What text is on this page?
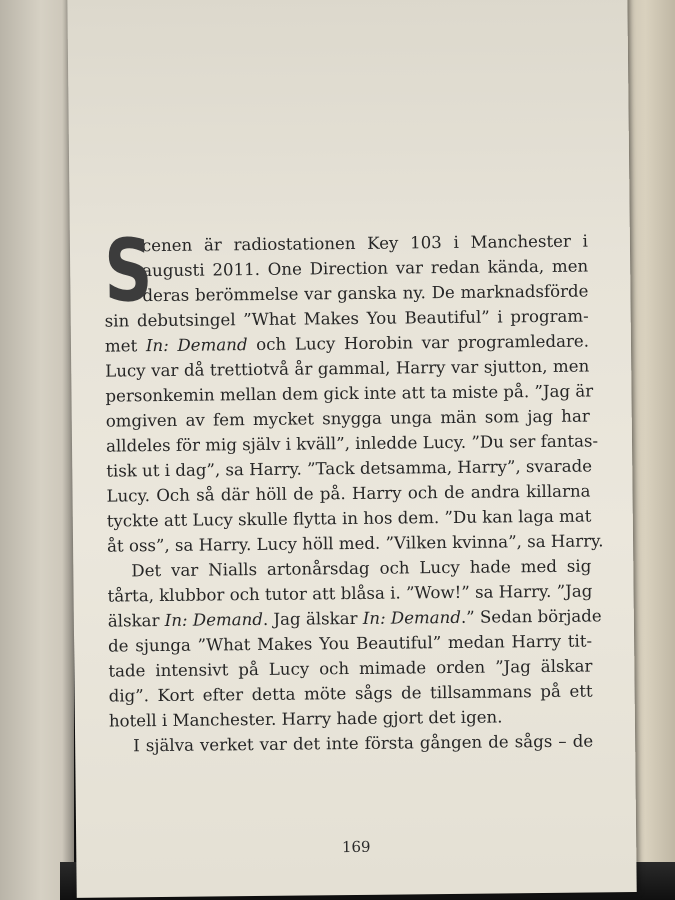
S
cenen är radiostationen Key 103 i Manchester i
augusti 2011. One Direction var redan kända, men
deras berömmelse var ganska ny. De marknadsförde
sin debutsingel ”What Makes You Beautiful” i program-
met In: Demand och Lucy Horobin var programledare.
Lucy var då trettiotvå år gammal, Harry var sjutton, men
personkemin mellan dem gick inte att ta miste på. ”Jag är
omgiven av fem mycket snygga unga män som jag har
alldeles för mig själv i kväll”, inledde Lucy. ”Du ser fantas-
tisk ut i dag”, sa Harry. ”Tack detsamma, Harry”, svarade
Lucy. Och så där höll de på. Harry och de andra killarna
tyckte att Lucy skulle flytta in hos dem. ”Du kan laga mat
åt oss”, sa Harry. Lucy höll med. ”Vilken kvinna”, sa Harry.
Det var Nialls artonårsdag och Lucy hade med sig
tårta, klubbor och tutor att blåsa i. ”Wow!” sa Harry. ”Jag
älskar In: Demand. Jag älskar In: Demand.” Sedan började
de sjunga ”What Makes You Beautiful” medan Harry tit-
tade intensivt på Lucy och mimade orden ”Jag älskar
dig”. Kort efter detta möte sågs de tillsammans på ett
hotell i Manchester. Harry hade gjort det igen.
I själva verket var det inte första gången de sågs – de
169
